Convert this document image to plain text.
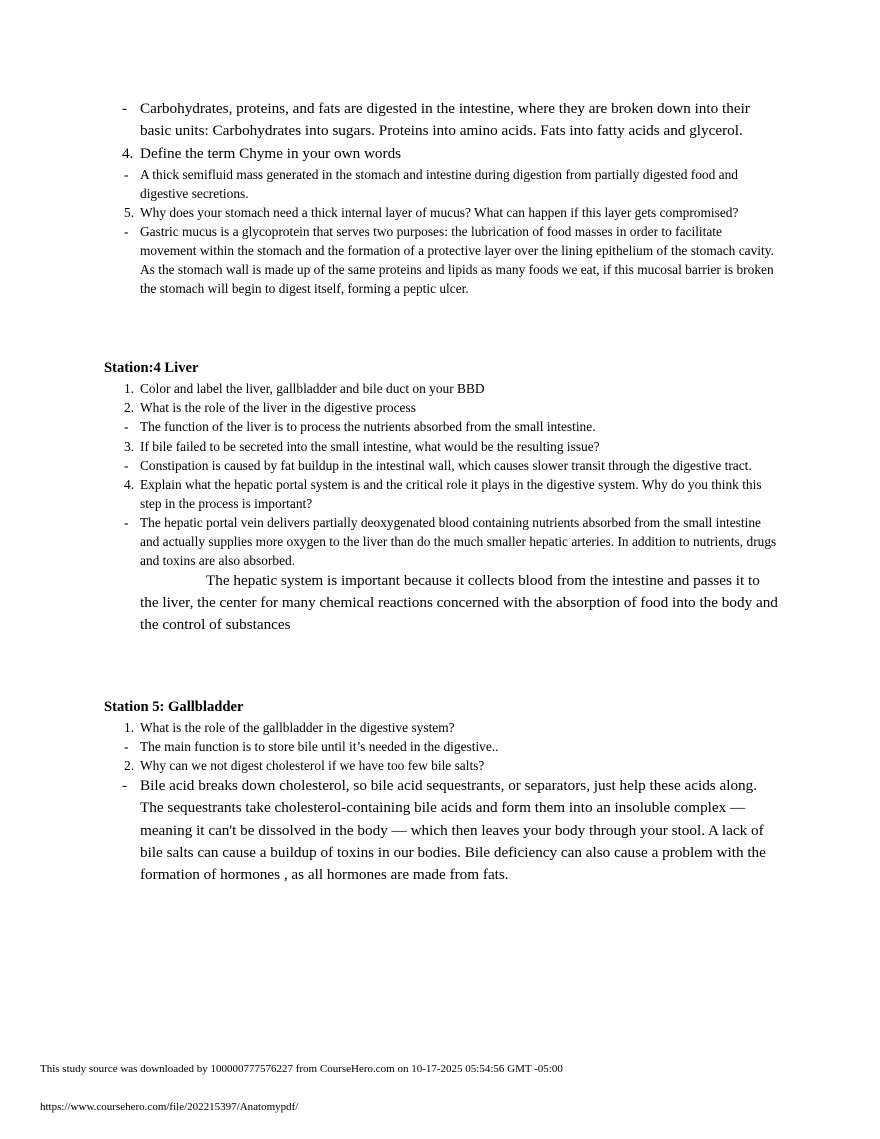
- Carbohydrates, proteins, and fats are digested in the intestine, where they are broken down into their basic units: Carbohydrates into sugars. Proteins into amino acids. Fats into fatty acids and glycerol.
4. Define the term Chyme in your own words
- A thick semifluid mass generated in the stomach and intestine during digestion from partially digested food and digestive secretions.
5. Why does your stomach need a thick internal layer of mucus? What can happen if this layer gets compromised?
- Gastric mucus is a glycoprotein that serves two purposes: the lubrication of food masses in order to facilitate movement within the stomach and the formation of a protective layer over the lining epithelium of the stomach cavity. As the stomach wall is made up of the same proteins and lipids as many foods we eat, if this mucosal barrier is broken the stomach will begin to digest itself, forming a peptic ulcer.
Station:4 Liver
1. Color and label the liver, gallbladder and bile duct on your BBD
2. What is the role of the liver in the digestive process
- The function of the liver is to process the nutrients absorbed from the small intestine.
3. If bile failed to be secreted into the small intestine, what would be the resulting issue?
- Constipation is caused by fat buildup in the intestinal wall, which causes slower transit through the digestive tract.
4. Explain what the hepatic portal system is and the critical role it plays in the digestive system. Why do you think this step in the process is important?
- The hepatic portal vein delivers partially deoxygenated blood containing nutrients absorbed from the small intestine and actually supplies more oxygen to the liver than do the much smaller hepatic arteries. In addition to nutrients, drugs and toxins are also absorbed.

The hepatic system is important because it collects blood from the intestine and passes it to the liver, the center for many chemical reactions concerned with the absorption of food into the body and the control of substances

Station 5: Gallbladder
1. What is the role of the gallbladder in the digestive system?
- The main function is to store bile until it’s needed in the digestive..
2. Why can we not digest cholesterol if we have too few bile salts?
- Bile acid breaks down cholesterol, so bile acid sequestrants, or separators, just help these acids along. The sequestrants take cholesterol-containing bile acids and form them into an insoluble complex — meaning it can't be dissolved in the body — which then leaves your body through your stool. A lack of bile salts can cause a buildup of toxins in our bodies. Bile deficiency can also cause a problem with the formation of hormones , as all hormones are made from fats.
This study source was downloaded by 100000777576227 from CourseHero.com on 10-17-2025 05:54:56 GMT -05:00
https://www.coursehero.com/file/202215397/Anatomypdf/
